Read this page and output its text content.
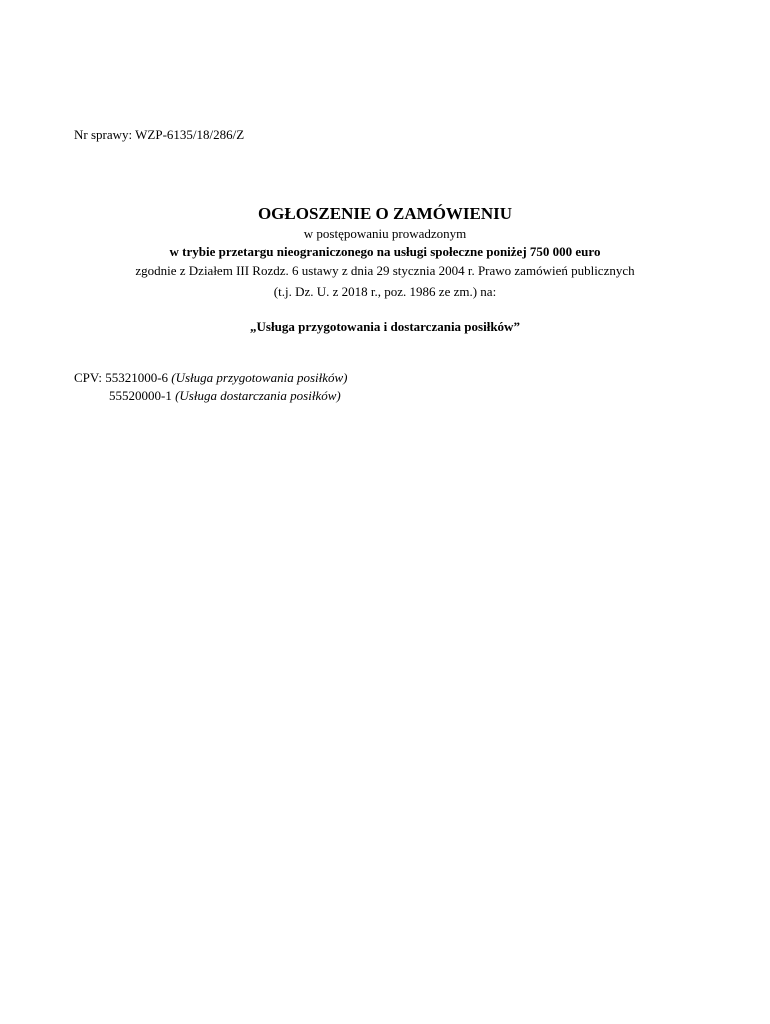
Nr sprawy: WZP-6135/18/286/Z
OGŁOSZENIE O ZAMÓWIENIU
w postępowaniu prowadzonym
w trybie przetargu nieograniczonego na usługi społeczne poniżej 750 000 euro
zgodnie z Działem III Rozdz. 6 ustawy z dnia 29 stycznia 2004 r. Prawo zamówień publicznych
(t.j. Dz. U. z 2018 r., poz. 1986 ze zm.) na:
„Usługa przygotowania i dostarczania posiłków”
CPV: 55321000-6 (Usługa przygotowania posiłków)
55520000-1 (Usługa dostarczania posiłków)
